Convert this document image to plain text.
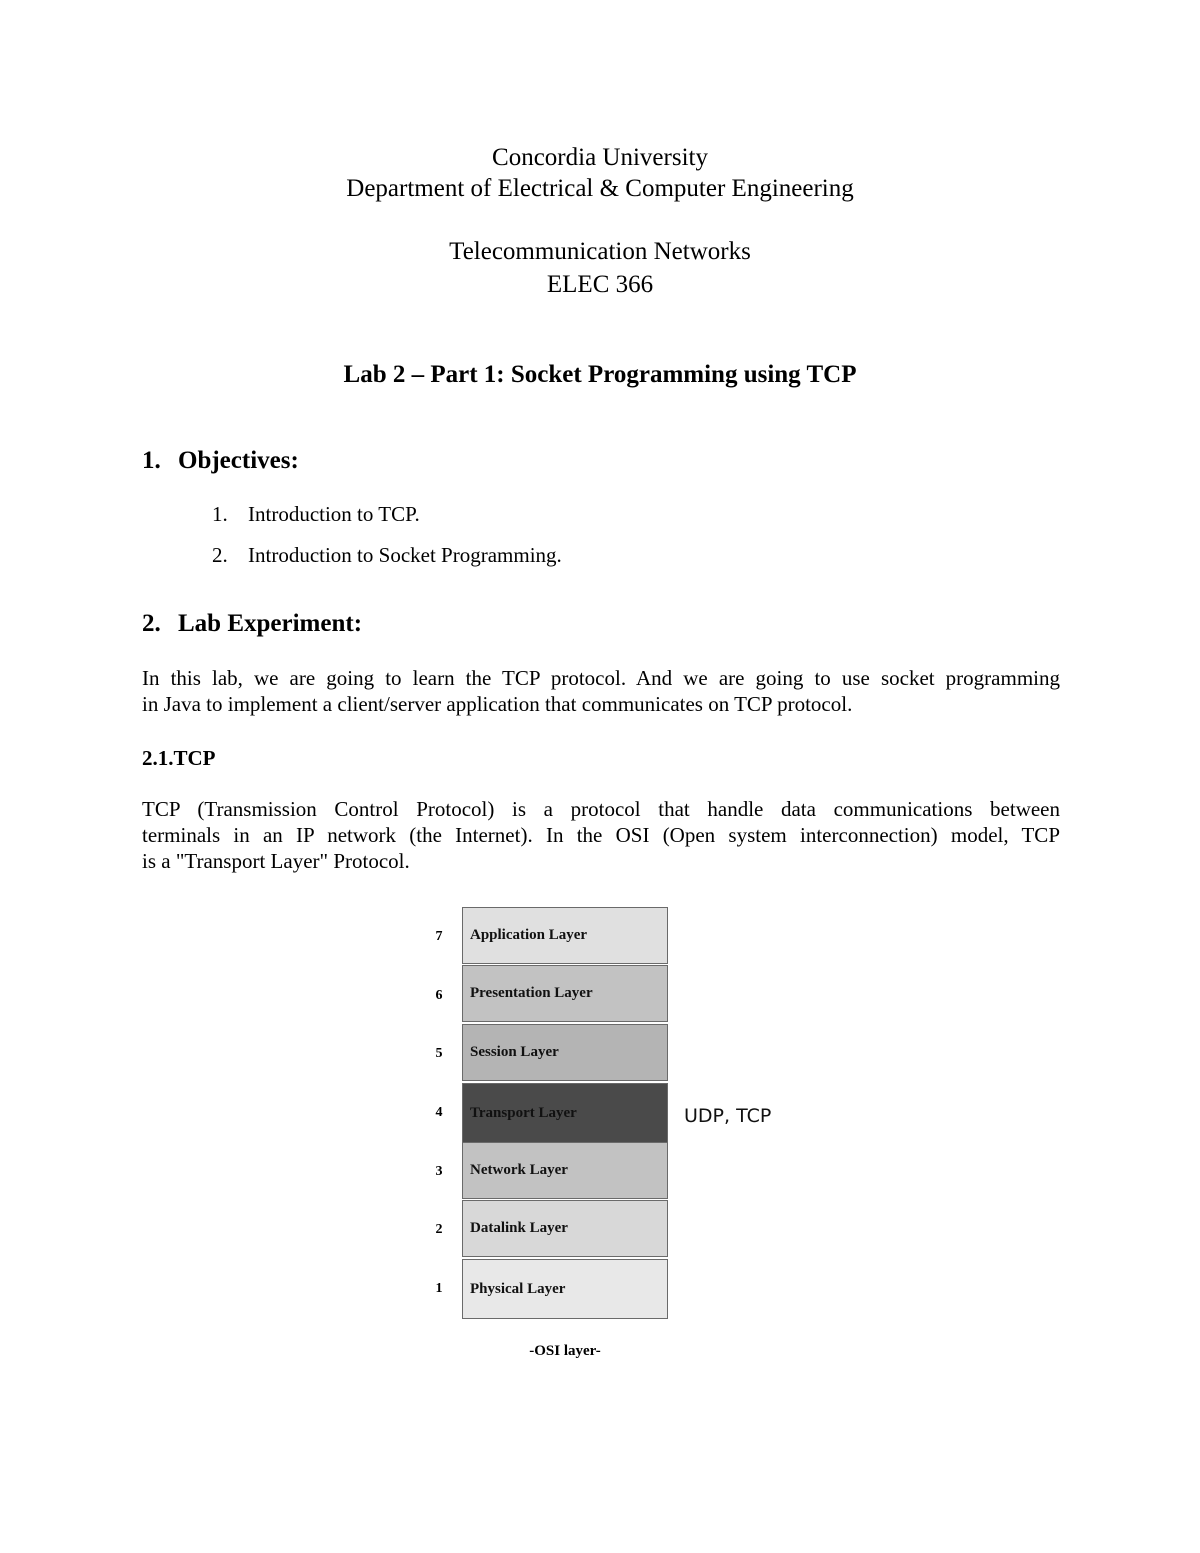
Concordia University
Department of Electrical & Computer Engineering
Telecommunication Networks
ELEC 366
Lab 2 – Part 1: Socket Programming using TCP
1. Objectives:
1. Introduction to TCP.
2. Introduction to Socket Programming.
2. Lab Experiment:
In this lab, we are going to learn the TCP protocol. And we are going to use socket programming
in Java to implement a client/server application that communicates on TCP protocol.
2.1.TCP
TCP (Transmission Control Protocol) is a protocol that handle data communications between
terminals in an IP network (the Internet). In the OSI (Open system interconnection) model, TCP
is a "Transport Layer" Protocol.
7	Application Layer
6	Presentation Layer
5	Session Layer
4	Transport Layer
3	Network Layer
2	Datalink Layer
1	Physical Layer
UDP, TCP
-OSI layer-
